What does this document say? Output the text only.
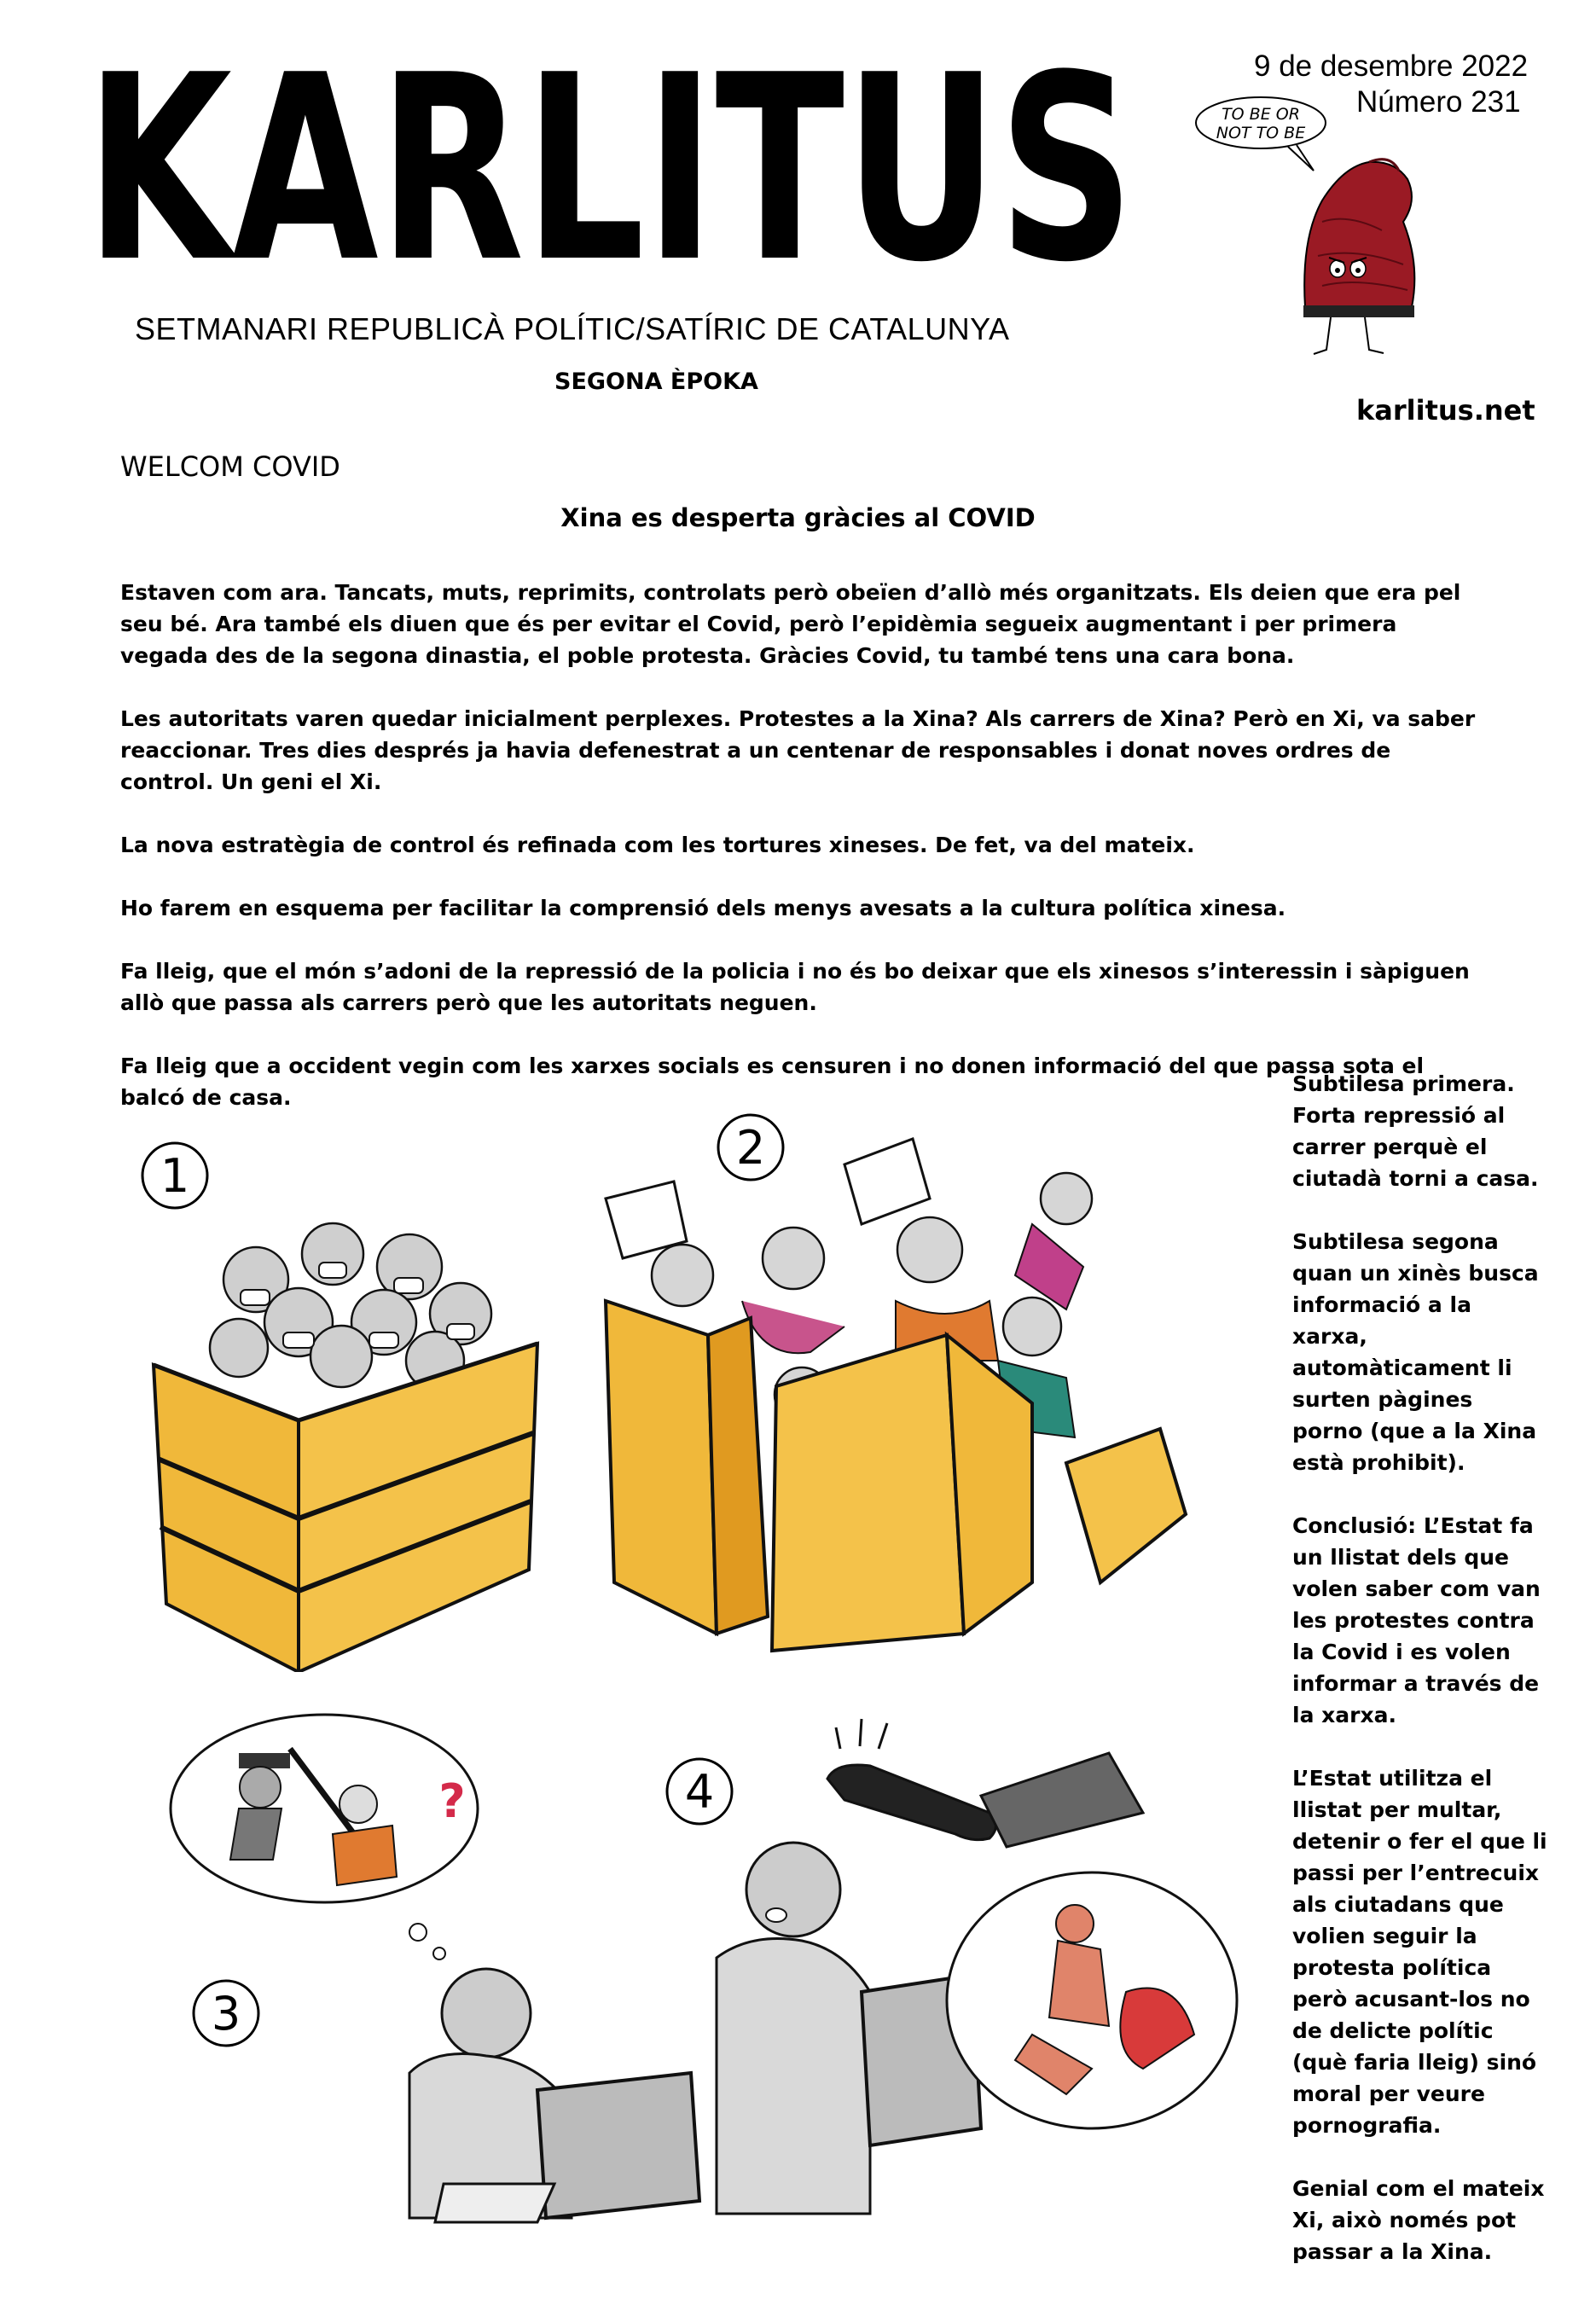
KARLITUS
SETMANARI REPUBLICÀ POLÍTIC/SATÍRIC DE CATALUNYA
SEGONA ÈPOKA
9 de desembre 2022
Número 231
TO BE OR
NOT TO BE
karlitus.net
WELCOM COVID
Xina es desperta gràcies al COVID

Estaven com ara. Tancats, muts, reprimits, controlats però obeïen d’allò més organitzats. Els deien que era pel seu bé. Ara també els diuen que és per evitar el Covid, però l’epidèmia segueix augmentant i per primera vegada des de la segona dinastia, el poble protesta. Gràcies Covid, tu també tens una cara bona.

Les autoritats varen quedar inicialment perplexes. Protestes a la Xina? Als carrers de Xina? Però en Xi, va saber reaccionar. Tres dies després ja havia defenestrat a un centenar de responsables i donat noves ordres de control. Un geni el Xi.

La nova estratègia de control és refinada com les tortures xineses. De fet, va del mateix.

Ho farem en esquema per facilitar la comprensió dels menys avesats a la cultura política xinesa.

Fa lleig, que el món s’adoni de la repressió de la policia i no és bo deixar que els xinesos s’interessin i sàpiguen allò que passa als carrers però que les autoritats neguen.

Fa lleig que a occident vegin com les xarxes socials es censuren i no donen informació del que passa sota el balcó de casa.

Subtilesa primera. Forta repressió al carrer perquè el ciutadà torni a casa.

Subtilesa segona quan un xinès busca informació a la xarxa, automàticament li surten pàgines porno (que a la Xina està prohibit).

Conclusió: L’Estat fa un llistat dels que volen saber com van les protestes contra la Covid i es volen informar a través de la xarxa.

L’Estat utilitza el llistat per multar, detenir o fer el que li passi per l’entrecuix als ciutadans que volien seguir la protesta política però acusant-los no de delicte polític (què faria lleig) sinó moral per veure pornografia.

Genial com el mateix Xi, això només pot passar a la Xina.

1
2
?
3
4
